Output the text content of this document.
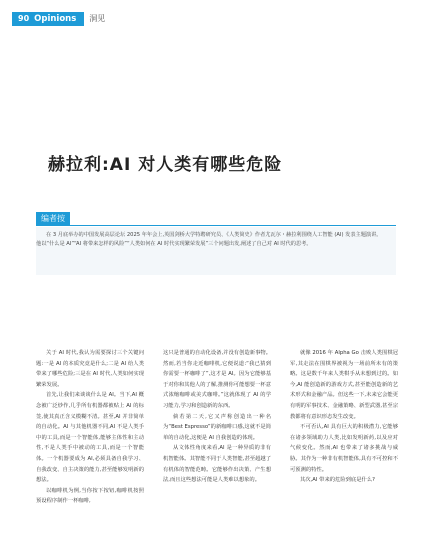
90 Opinions	洞见
赫拉利:AI 对人类有哪些危险
编者按
在 3 月底举办的中国发展高层论坛 2025 年年会上,英国剑桥大学特聘研究员、《人类简史》作者尤瓦尔・赫拉利围绕人工智能 (AI) 发表主题演讲。他以“什么是 AI”“AI 将带来怎样的风险”“人类如何在 AI 时代实现繁荣发展”三个问题出发,阐述了自己对 AI 时代的思考。

关于 AI 时代,我认为需要探讨三个关键问题:一是 AI 的本质究竟是什么;二是 AI 给人类带来了哪些危险;三是在 AI 时代,人类如何实现繁荣发展。

首先,让我们来谈谈什么是 AI。当下,AI 概念被广泛炒作,几乎所有机器都被贴上 AI 的标签,使其真正含义模糊不清。甚至,AI 并非简单的自动化。AI 与其他机器不同,AI 不是人类手中的工具,而是一个智能体,能够主体性和主动性,不是人类手中被动的工具,而是一个智能体。一个机器要成为 AI,必须具备自我学习、自我改变、自主决策的能力,甚至能够发明新的想法。

以咖啡机为例,当你按下按钮,咖啡机按照预设程序制作一杯咖啡,

这只是普通的自动化设备,并没有创造新事物。然而,若当你走近咖啡机,它便说道:“我已猜到你需要一杯咖啡了”,这才是 AI。因为它能够基于对你和其他人的了解,推测你可能想要一杯意式浓缩咖啡或美式咖啡。”这就体现了 AI 的学习能力,学习和创造新的东西。

倘若第二天,它又声称创造出一种名为“Best Espresso”的新咖啡口感,这就不是简单的自动化,这便是 AI 自我创造的体现。

从文体性角度来看,AI 是一种异质的非有机智能体。其智能不同于人类智能,甚至超越了有机体的智能范畴。它能够作出决策、产生想法,而且这些想法可能是人类难以想象的。

就像 2016 年 Alpha Go 击败人类围棋冠军,其走法在围棋界被视为一场前所未有的策略。这是数千年来人类棋手从未想到过的。如今,AI 能创造新的游戏方式,甚至能创造新的艺术形式和金融产品。但这些一下,未来它会能更有明的军事技术、金融策略、新型武器,甚至宗教都将有意识形态发生改变。

不可否认,AI 具有巨大的积极潜力,它能够在诸多领域助力人类,比如发明新药,以及应对气候变化。然而,AI 也带来了诸多挑战与威胁。其作为一种非有机智能体,具有不可控和不可预测的特性。

其次,AI 带来的危险到底是什么?
